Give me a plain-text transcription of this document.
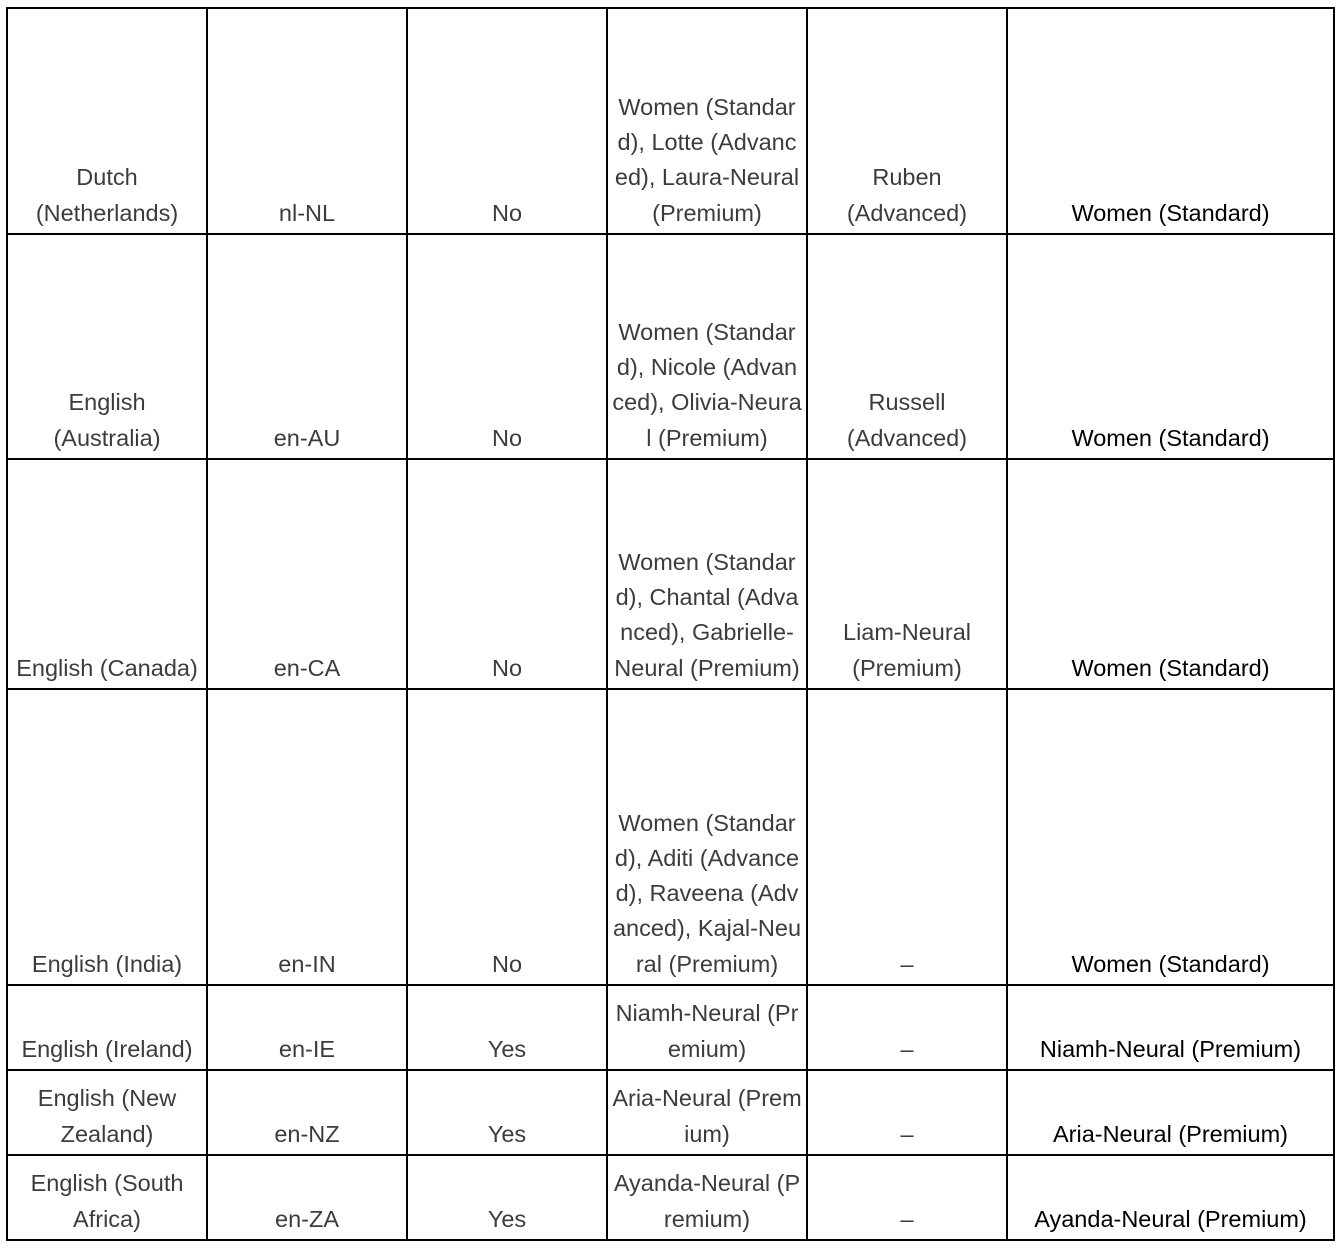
Dutch (Netherlands)	nl-NL	No	Women (Standard), Lotte (Advanced), Laura-Neural (Premium)	Ruben (Advanced)	Women (Standard)
English (Australia)	en-AU	No	Women (Standard), Nicole (Advanced), Olivia-Neural (Premium)	Russell (Advanced)	Women (Standard)
English (Canada)	en-CA	No	Women (Standard), Chantal (Advanced), Gabrielle-Neural (Premium)	Liam-Neural (Premium)	Women (Standard)
English (India)	en-IN	No	Women (Standard), Aditi (Advanced), Raveena (Advanced), Kajal-Neural (Premium)	–	Women (Standard)
English (Ireland)	en-IE	Yes	Niamh-Neural (Premium)	–	Niamh-Neural (Premium)
English (New Zealand)	en-NZ	Yes	Aria-Neural (Premium)	–	Aria-Neural (Premium)
English (South Africa)	en-ZA	Yes	Ayanda-Neural (Premium)	–	Ayanda-Neural (Premium)
